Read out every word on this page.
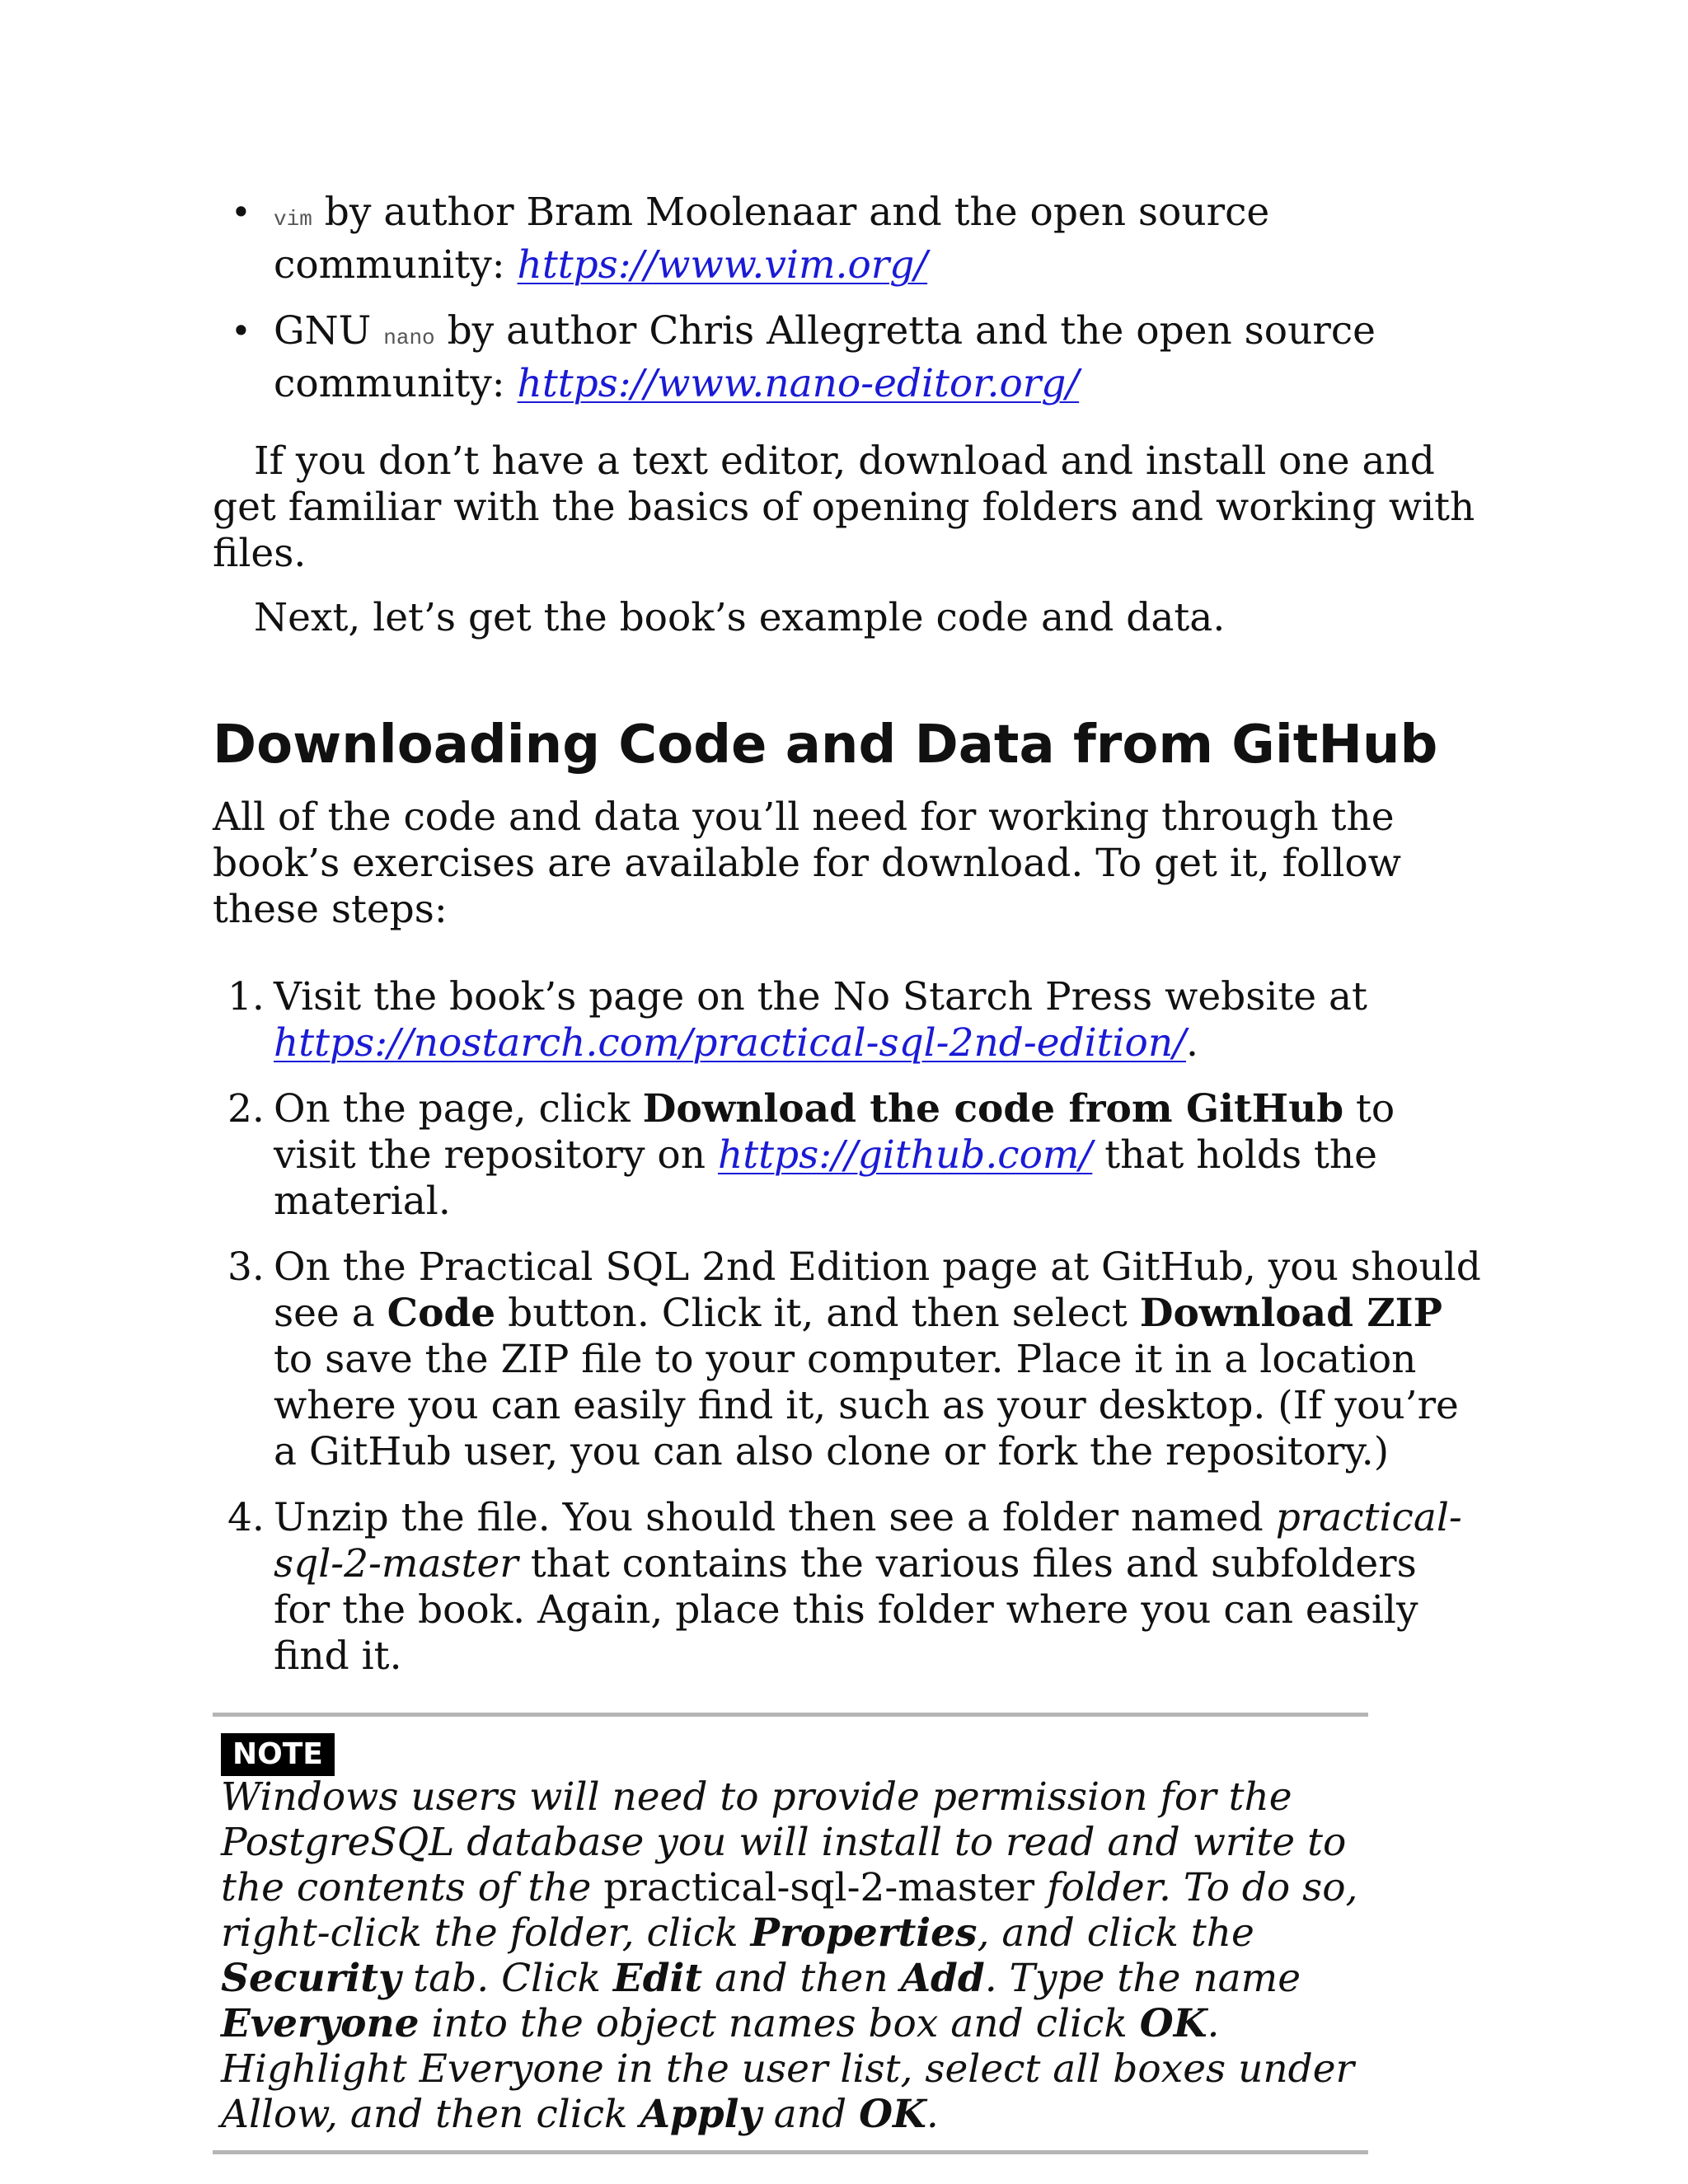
• vim by author Bram Moolenaar and the open source community: https://www.vim.org/
• GNU nano by author Chris Allegretta and the open source community: https://www.nano-editor.org/

If you don’t have a text editor, download and install one and get familiar with the basics of opening folders and working with files.

Next, let’s get the book’s example code and data.

Downloading Code and Data from GitHub

All of the code and data you’ll need for working through the book’s exercises are available for download. To get it, follow these steps:

1. Visit the book’s page on the No Starch Press website at https://nostarch.com/practical-sql-2nd-edition/.
2. On the page, click Download the code from GitHub to visit the repository on https://github.com/ that holds the material.
3. On the Practical SQL 2nd Edition page at GitHub, you should see a Code button. Click it, and then select Download ZIP to save the ZIP file to your computer. Place it in a location where you can easily find it, such as your desktop. (If you’re a GitHub user, you can also clone or fork the repository.)
4. Unzip the file. You should then see a folder named practical-sql-2-master that contains the various files and subfolders for the book. Again, place this folder where you can easily find it.
NOTE
Windows users will need to provide permission for the PostgreSQL database you will install to read and write to the contents of the practical-sql-2-master folder. To do so, right-click the folder, click Properties, and click the Security tab. Click Edit and then Add. Type the name Everyone into the object names box and click OK. Highlight Everyone in the user list, select all boxes under Allow, and then click Apply and OK.
